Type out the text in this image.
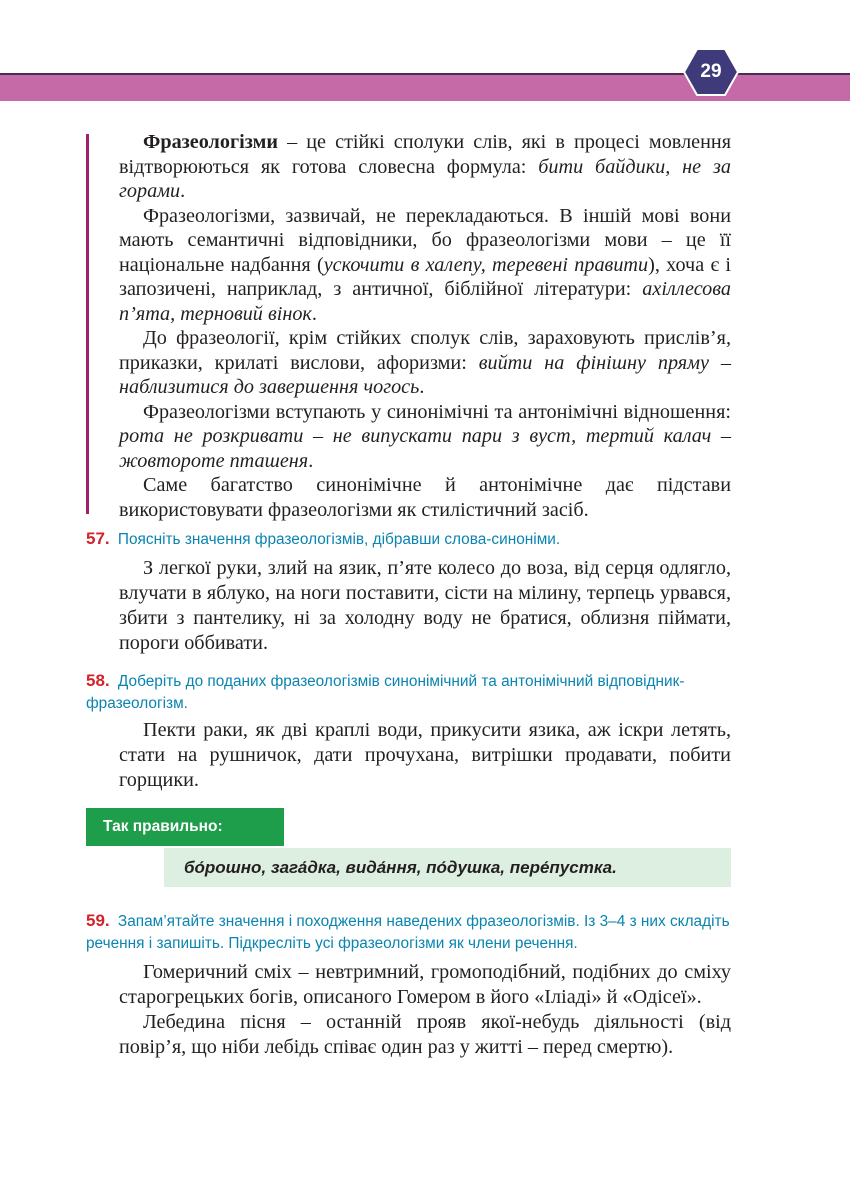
29

Фразеологізми – це стійкі сполуки слів, які в процесі мовлення відтворюються як готова словесна формула: бити байдики, не за горами.

Фразеологізми, зазвичай, не перекладаються. В іншій мові вони мають семантичні відповідники, бо фразеологізми мови – це її національне надбання (ускочити в халепу, теревені правити), хоча є і запозичені, наприклад, з античної, біблійної літератури: ахіллесова п’ята, терновий вінок.

До фразеології, крім стійких сполук слів, зараховують прислів’я, приказки, крилаті вислови, афоризми: вийти на фінішну пряму – наблизитися до завершення чогось.

Фразеологізми вступають у синонімічні та антонімічні відношення: рота не розкривати – не випускати пари з вуст, тертий калач – жовтороте пташеня.

Саме багатство синонімічне й антонімічне дає підстави використовувати фразеологізми як стилістичний засіб.

57. Поясніть значення фразеологізмів, дібравши слова-синоніми.

З легкої руки, злий на язик, п’яте колесо до воза, від серця одлягло, влучати в яблуко, на ноги поставити, сісти на мілину, терпець урвався, збити з пантелику, ні за холодну воду не братися, облизня піймати, пороги оббивати.

58. Доберіть до поданих фразеологізмів синонімічний та антонімічний відповідник-фразеологізм.

Пекти раки, як дві краплі води, прикусити язика, аж іскри летять, стати на рушничок, дати прочухана, витрішки продавати, побити горщики.

Так правильно:
бо́рошно, зага́дка, вида́ння, по́душка, пере́пустка.
59. Запам’ятайте значення і походження наведених фразеологізмів. Із 3–4 з них складіть речення і запишіть. Підкресліть усі фразеологізми як члени речення.

Гомеричний сміх – невтримний, громоподібний, подібних до сміху старогрецьких богів, описаного Гомером в його «Іліаді» й «Одісеї».

Лебедина пісня – останній прояв якої-небудь діяльності (від повір’я, що ніби лебідь співає один раз у житті – перед смертю).
